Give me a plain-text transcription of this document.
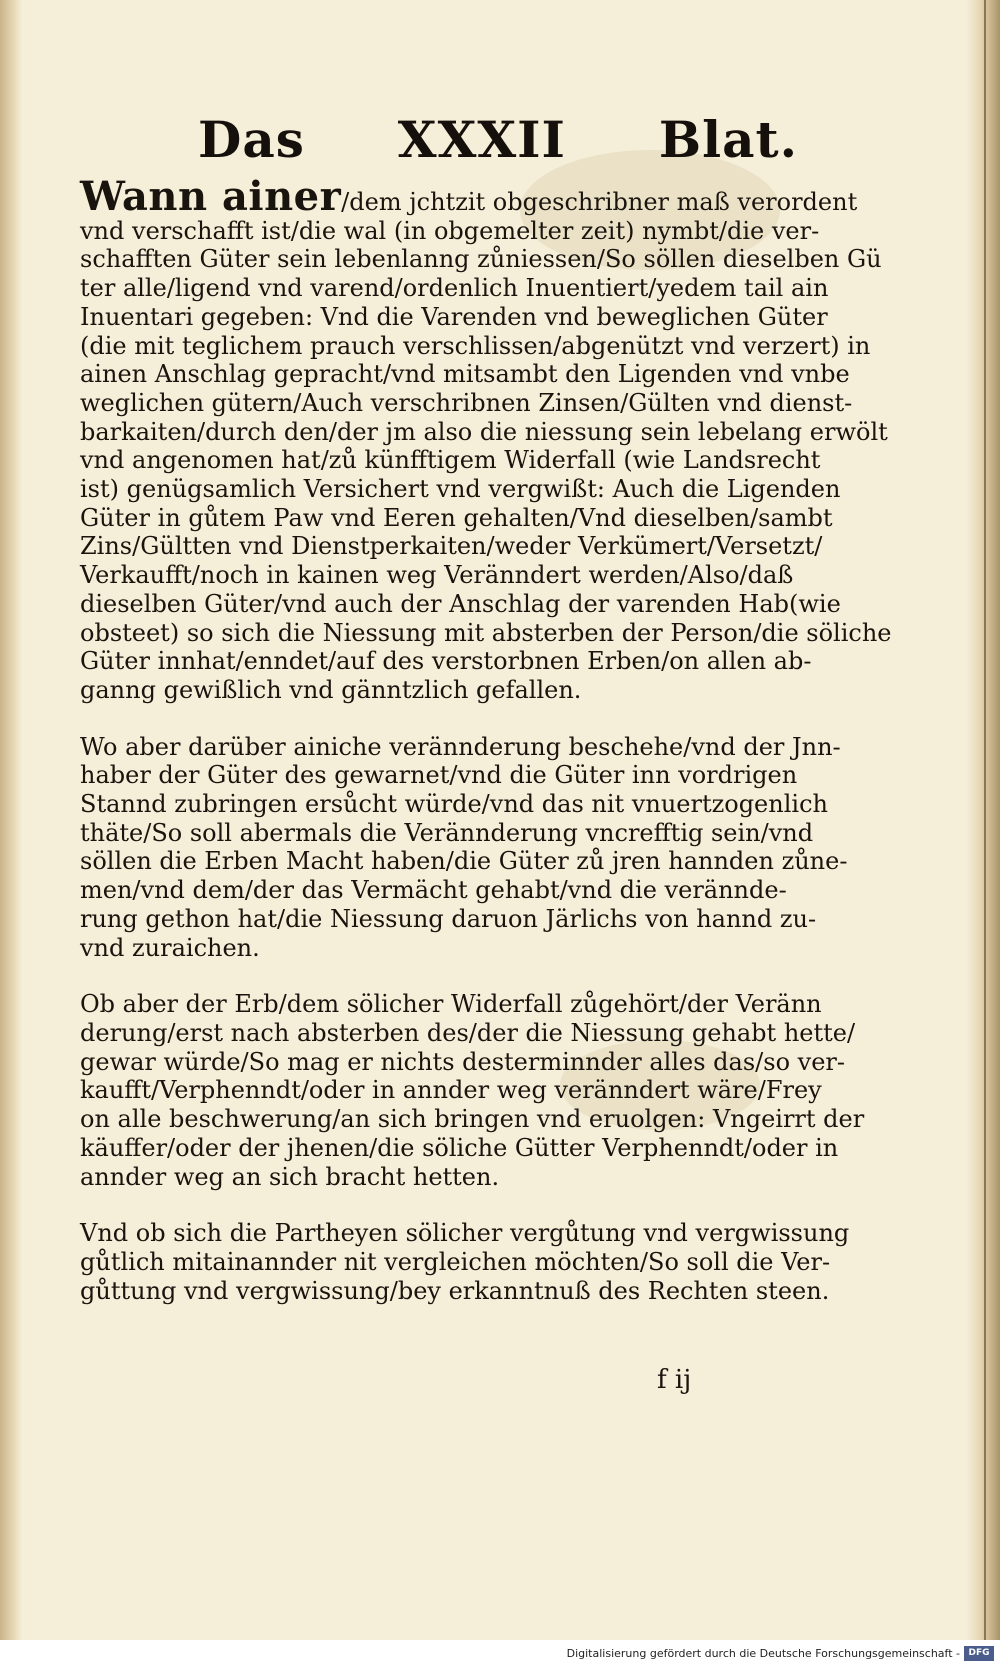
Das XXXII Blat.
Wann ainer/dem jchtzit obgeschribner maß verordent
vnd verschafft ist/die wal (in obgemelter zeit) nymbt/die ver-
schafften Güter sein lebenlanng zůniessen/So söllen dieselben Gü
ter alle/ligend vnd varend/ordenlich Inuentiert/yedem tail ain
Inuentari gegeben: Vnd die Varenden vnd beweglichen Güter
(die mit teglichem prauch verschlissen/abgenützt vnd verzert) in
ainen Anschlag gepracht/vnd mitsambt den Ligenden vnd vnbe
weglichen gütern/Auch verschribnen Zinsen/Gülten vnd dienst-
barkaiten/durch den/der jm also die niessung sein lebelang erwölt
vnd angenomen hat/zů künfftigem Widerfall (wie Landsrecht
ist) genügsamlich Versichert vnd vergwißt: Auch die Ligenden
Güter in gůtem Paw vnd Eeren gehalten/Vnd dieselben/sambt
Zins/Gültten vnd Dienstperkaiten/weder Verkümert/Versetzt/
Verkaufft/noch in kainen weg Veränndert werden/Also/daß
dieselben Güter/vnd auch der Anschlag der varenden Hab(wie
obsteet) so sich die Niessung mit absterben der Person/die söliche
Güter innhat/enndet/auf des verstorbnen Erben/on allen ab-
ganng gewißlich vnd gänntzlich gefallen.
Wo aber darüber ainiche verännderung beschehe/vnd der Jnn-
haber der Güter des gewarnet/vnd die Güter inn vordrigen
Stannd zubringen ersůcht würde/vnd das nit vnuertzogenlich
thäte/So soll abermals die Verännderung vncrefftig sein/vnd
söllen die Erben Macht haben/die Güter zů jren hannden zůne-
men/vnd dem/der das Vermächt gehabt/vnd die verännde-
rung gethon hat/die Niessung daruon Järlichs von hannd zu-
vnd zuraichen.
Ob aber der Erb/dem sölicher Widerfall zůgehört/der Veränn
derung/erst nach absterben des/der die Niessung gehabt hette/
gewar würde/So mag er nichts desterminnder alles das/so ver-
kaufft/Verphenndt/oder in annder weg veränndert wäre/Frey
on alle beschwerung/an sich bringen vnd eruolgen: Vngeirrt der
käuffer/oder der jhenen/die söliche Gütter Verphenndt/oder in
annder weg an sich bracht hetten.
Vnd ob sich die Partheyen sölicher vergůtung vnd vergwissung
gůtlich mitainannder nit vergleichen möchten/So soll die Ver-
gůttung vnd vergwissung/bey erkanntnuß des Rechten steen.
f ij
Digitalisierung gefördert durch die Deutsche Forschungsgemeinschaft - DFG
